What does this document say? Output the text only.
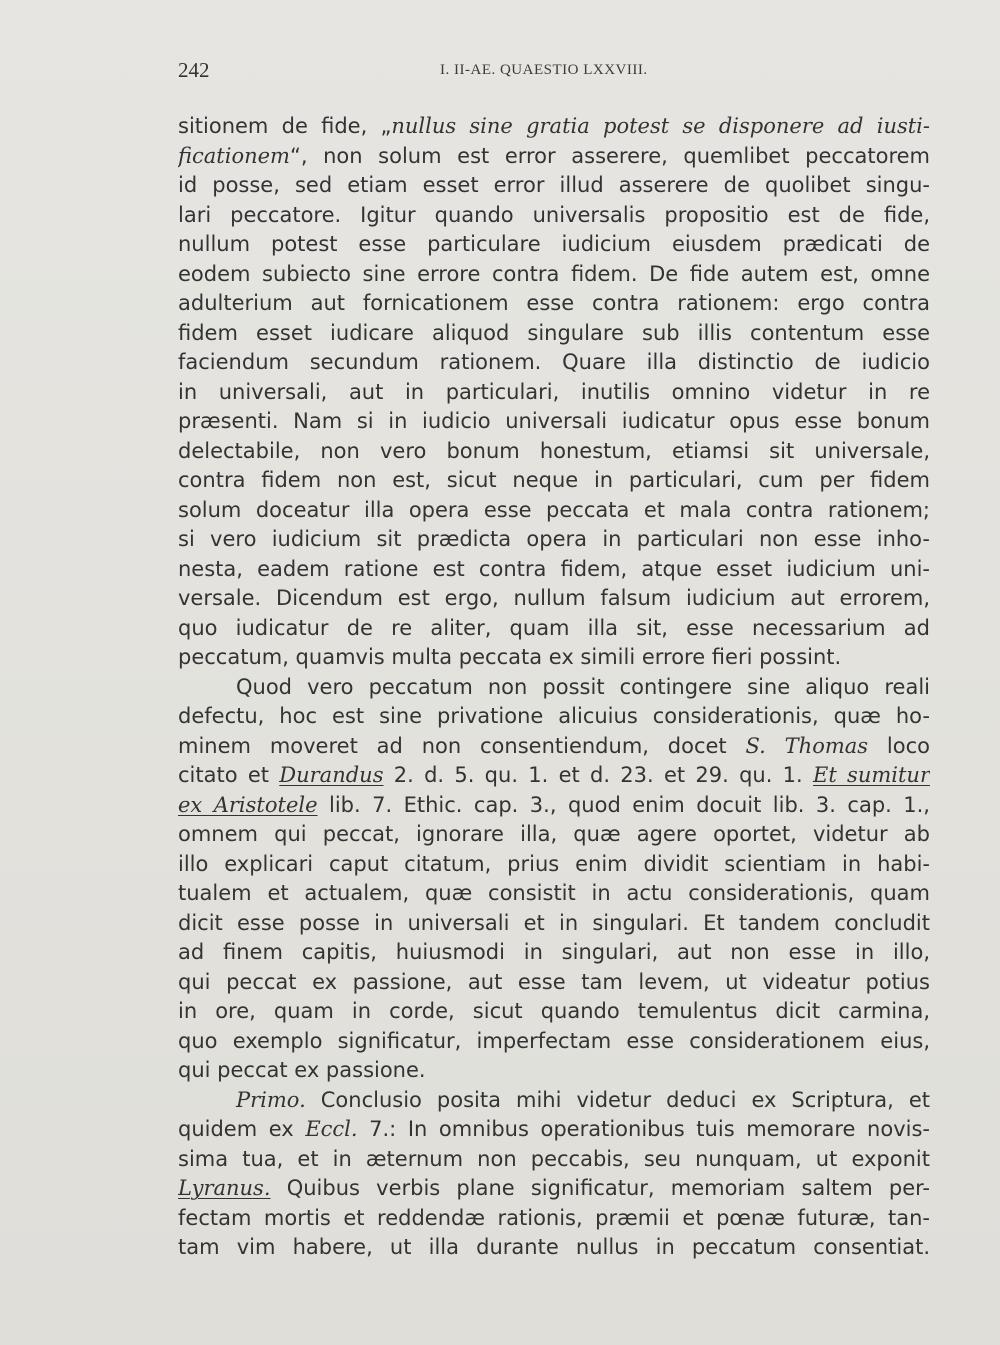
242	I. II-AE. QUAESTIO LXXVIII.
sitionem de fide, „nullus sine gratia potest se disponere ad iusti-
ficationem“, non solum est error asserere, quemlibet peccatorem
id posse, sed etiam esset error illud asserere de quolibet singu-
lari peccatore. Igitur quando universalis propositio est de fide,
nullum potest esse particulare iudicium eiusdem prædicati de
eodem subiecto sine errore contra fidem. De fide autem est, omne
adulterium aut fornicationem esse contra rationem: ergo contra
fidem esset iudicare aliquod singulare sub illis contentum esse
faciendum secundum rationem. Quare illa distinctio de iudicio
in universali, aut in particulari, inutilis omnino videtur in re
præsenti. Nam si in iudicio universali iudicatur opus esse bonum
delectabile, non vero bonum honestum, etiamsi sit universale,
contra fidem non est, sicut neque in particulari, cum per fidem
solum doceatur illa opera esse peccata et mala contra rationem;
si vero iudicium sit prædicta opera in particulari non esse inho-
nesta, eadem ratione est contra fidem, atque esset iudicium uni-
versale. Dicendum est ergo, nullum falsum iudicium aut errorem,
quo iudicatur de re aliter, quam illa sit, esse necessarium ad
peccatum, quamvis multa peccata ex simili errore fieri possint.
Quod vero peccatum non possit contingere sine aliquo reali
defectu, hoc est sine privatione alicuius considerationis, quæ ho-
minem moveret ad non consentiendum, docet S. Thomas loco
citato et Durandus 2. d. 5. qu. 1. et d. 23. et 29. qu. 1. Et sumitur
ex Aristotele lib. 7. Ethic. cap. 3., quod enim docuit lib. 3. cap. 1.,
omnem qui peccat, ignorare illa, quæ agere oportet, videtur ab
illo explicari caput citatum, prius enim dividit scientiam in habi-
tualem et actualem, quæ consistit in actu considerationis, quam
dicit esse posse in universali et in singulari. Et tandem concludit
ad finem capitis, huiusmodi in singulari, aut non esse in illo,
qui peccat ex passione, aut esse tam levem, ut videatur potius
in ore, quam in corde, sicut quando temulentus dicit carmina,
quo exemplo significatur, imperfectam esse considerationem eius,
qui peccat ex passione.
Primo. Conclusio posita mihi videtur deduci ex Scriptura, et
quidem ex Eccl. 7.: In omnibus operationibus tuis memorare novis-
sima tua, et in æternum non peccabis, seu nunquam, ut exponit
Lyranus. Quibus verbis plane significatur, memoriam saltem per-
fectam mortis et reddendæ rationis, præmii et pœnæ futuræ, tan-
tam vim habere, ut illa durante nullus in peccatum consentiat.
